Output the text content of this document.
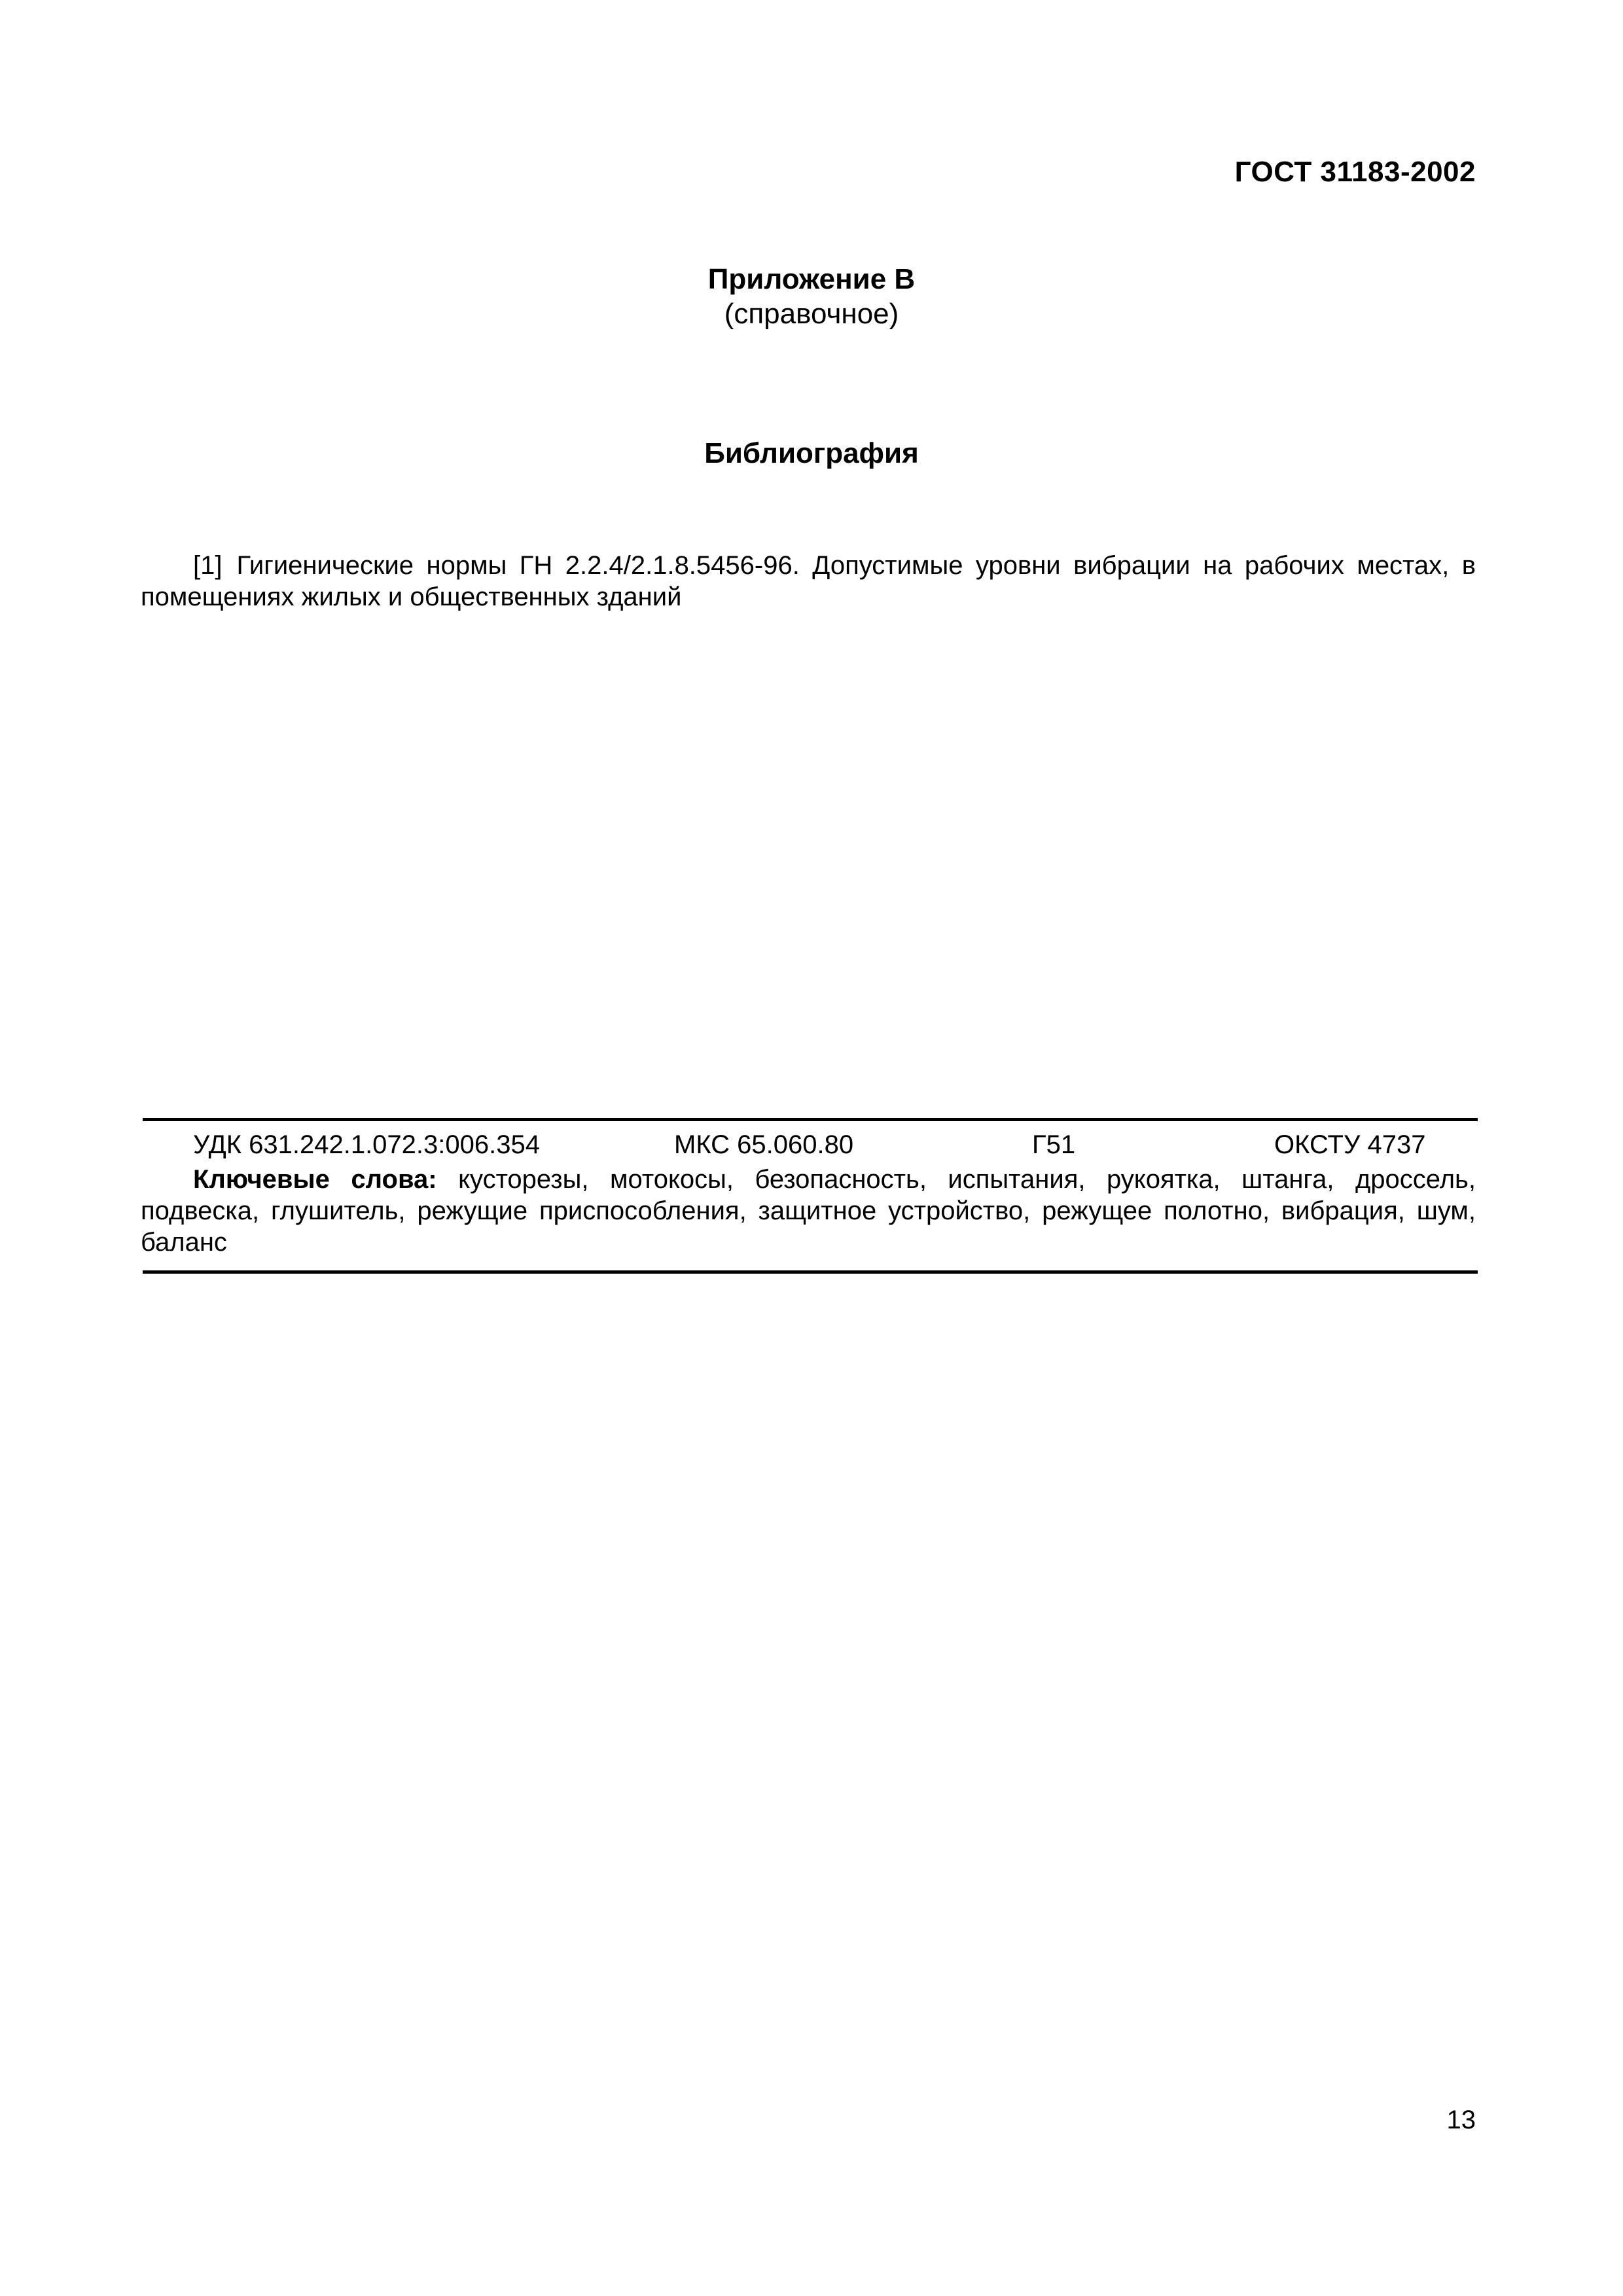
ГОСТ 31183-2002
Приложение В
(справочное)
Библиография
[1] Гигиенические нормы ГН 2.2.4/2.1.8.5456-96. Допустимые уровни вибрации на рабочих местах, в помещениях жилых и общественных зданий
УДК 631.242.1.072.3:006.354	МКС 65.060.80	Г51	ОКСТУ 4737
Ключевые слова: кусторезы, мотокосы, безопасность, испытания, рукоятка, штанга, дроссель, подвеска, глушитель, режущие приспособления, защитное устройство, режущее полотно, вибрация, шум, баланс
13
